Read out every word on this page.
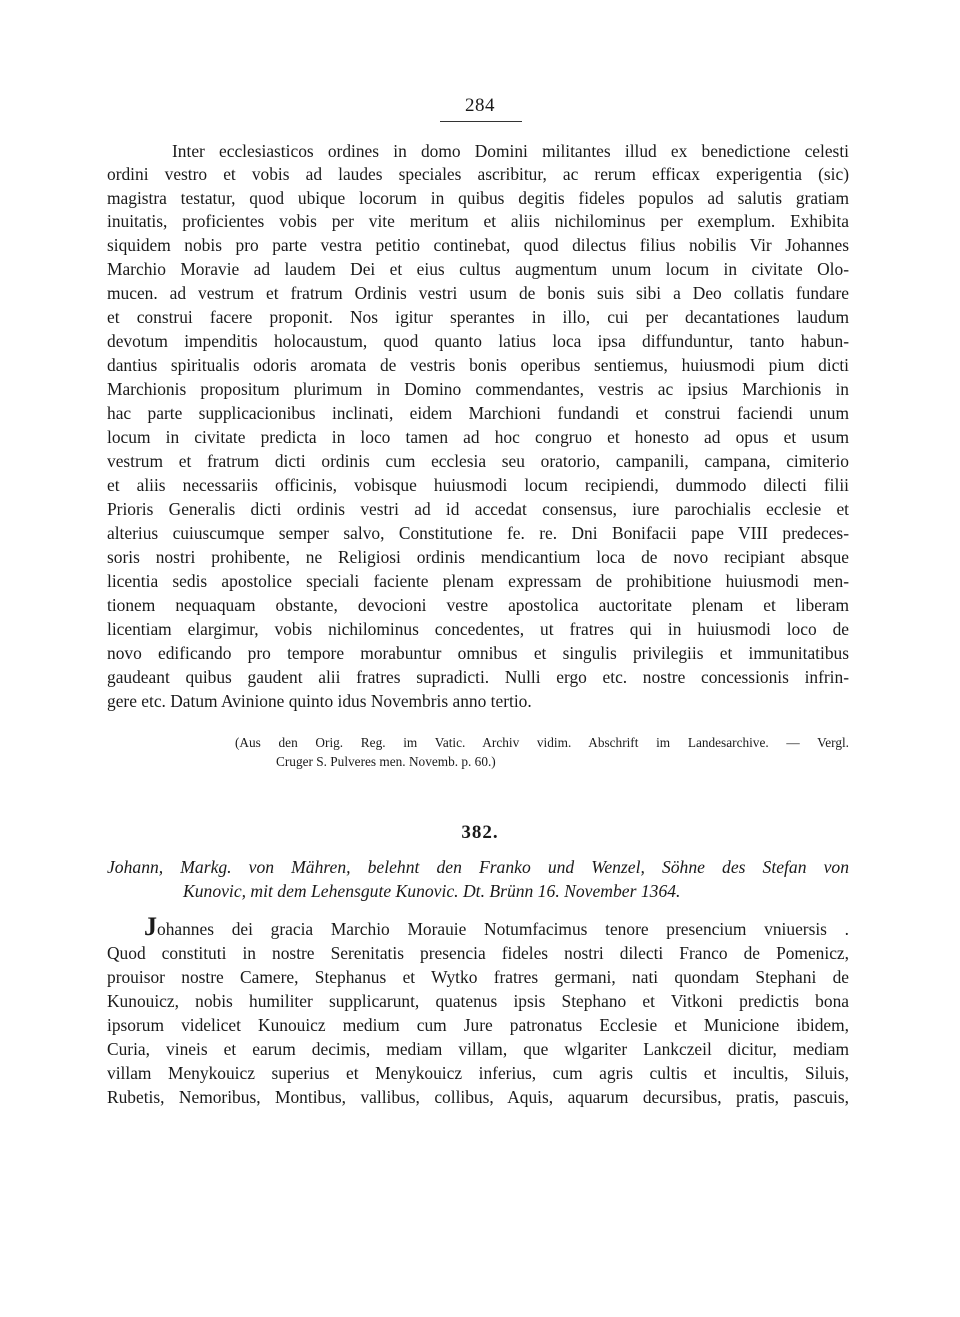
284
Inter ecclesiasticos ordines in domo Domini militantes illud ex benedictione celesti
ordini vestro et vobis ad laudes speciales ascribitur, ac rerum efficax experigentia (sic)
magistra testatur, quod ubique locorum in quibus degitis fideles populos ad salutis gratiam
inuitatis, proficientes vobis per vite meritum et aliis nichilominus per exemplum. Exhibita
siquidem nobis pro parte vestra petitio continebat, quod dilectus filius nobilis Vir Johannes
Marchio Moravie ad laudem Dei et eius cultus augmentum unum locum in civitate Olo-
mucen. ad vestrum et fratrum Ordinis vestri usum de bonis suis sibi a Deo collatis fundare
et construi facere proponit. Nos igitur sperantes in illo, cui per decantationes laudum
devotum impenditis holocaustum, quod quanto latius loca ipsa diffunduntur, tanto habun-
dantius spiritualis odoris aromata de vestris bonis operibus sentiemus, huiusmodi pium dicti
Marchionis propositum plurimum in Domino commendantes, vestris ac ipsius Marchionis in
hac parte supplicacionibus inclinati, eidem Marchioni fundandi et construi faciendi unum
locum in civitate predicta in loco tamen ad hoc congruo et honesto ad opus et usum
vestrum et fratrum dicti ordinis cum ecclesia seu oratorio, campanili, campana, cimiterio
et aliis necessariis officinis, vobisque huiusmodi locum recipiendi, dummodo dilecti filii
Prioris Generalis dicti ordinis vestri ad id accedat consensus, iure parochialis ecclesie et
alterius cuiuscumque semper salvo, Constitutione fe. re. Dni Bonifacii pape VIII predeces-
soris nostri prohibente, ne Religiosi ordinis mendicantium loca de novo recipiant absque
licentia sedis apostolice speciali faciente plenam expressam de prohibitione huiusmodi men-
tionem nequaquam obstante, devocioni vestre apostolica auctoritate plenam et liberam
licentiam elargimur, vobis nichilominus concedentes, ut fratres qui in huiusmodi loco de
novo edificando pro tempore morabuntur omnibus et singulis privilegiis et immunitatibus
gaudeant quibus gaudent alii fratres supradicti. Nulli ergo etc. nostre concessionis infrin-
gere etc. Datum Avinione quinto idus Novembris anno tertio.
(Aus den Orig. Reg. im Vatic. Archiv vidim. Abschrift im Landesarchive. — Vergl.
Cruger S. Pulveres men. Novemb. p. 60.)
382.
Johann, Markg. von Mähren, belehnt den Franko und Wenzel, Söhne des Stefan von
Kunovic, mit dem Lehensgute Kunovic. Dt. Brünn 16. November 1364.
Johannes dei gracia Marchio Morauie Notumfacimus tenore presencium vniuersis .
Quod constituti in nostre Serenitatis presencia fideles nostri dilecti Franco de Pomenicz,
prouisor nostre Camere, Stephanus et Wytko fratres germani, nati quondam Stephani de
Kunouicz, nobis humiliter supplicarunt, quatenus ipsis Stephano et Vitkoni predictis bona
ipsorum videlicet Kunouicz medium cum Jure patronatus Ecclesie et Municione ibidem,
Curia, vineis et earum decimis, mediam villam, que wlgariter Lankczeil dicitur, mediam
villam Menykouicz superius et Menykouicz inferius, cum agris cultis et incultis, Siluis,
Rubetis, Nemoribus, Montibus, vallibus, collibus, Aquis, aquarum decursibus, pratis, pascuis,
